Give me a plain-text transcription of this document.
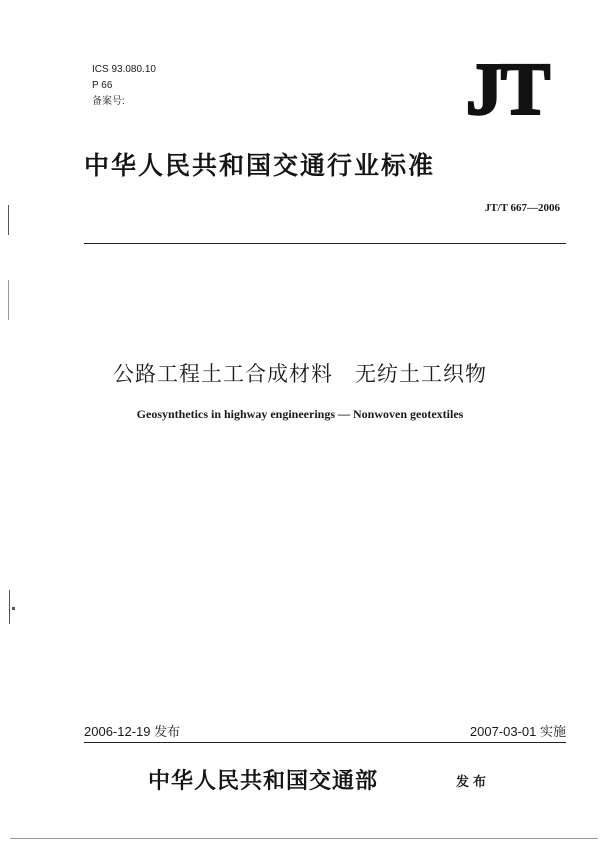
ICS 93.080.10
P 66
备案号:	JT
中华人民共和国交通行业标准
JT/T 667—2006
公路工程土工合成材料　无纺土工织物
Geosynthetics in highway engineerings — Nonwoven geotextiles
2006-12-19 发布	2007-03-01 实施
中华人民共和国交通部	发布
